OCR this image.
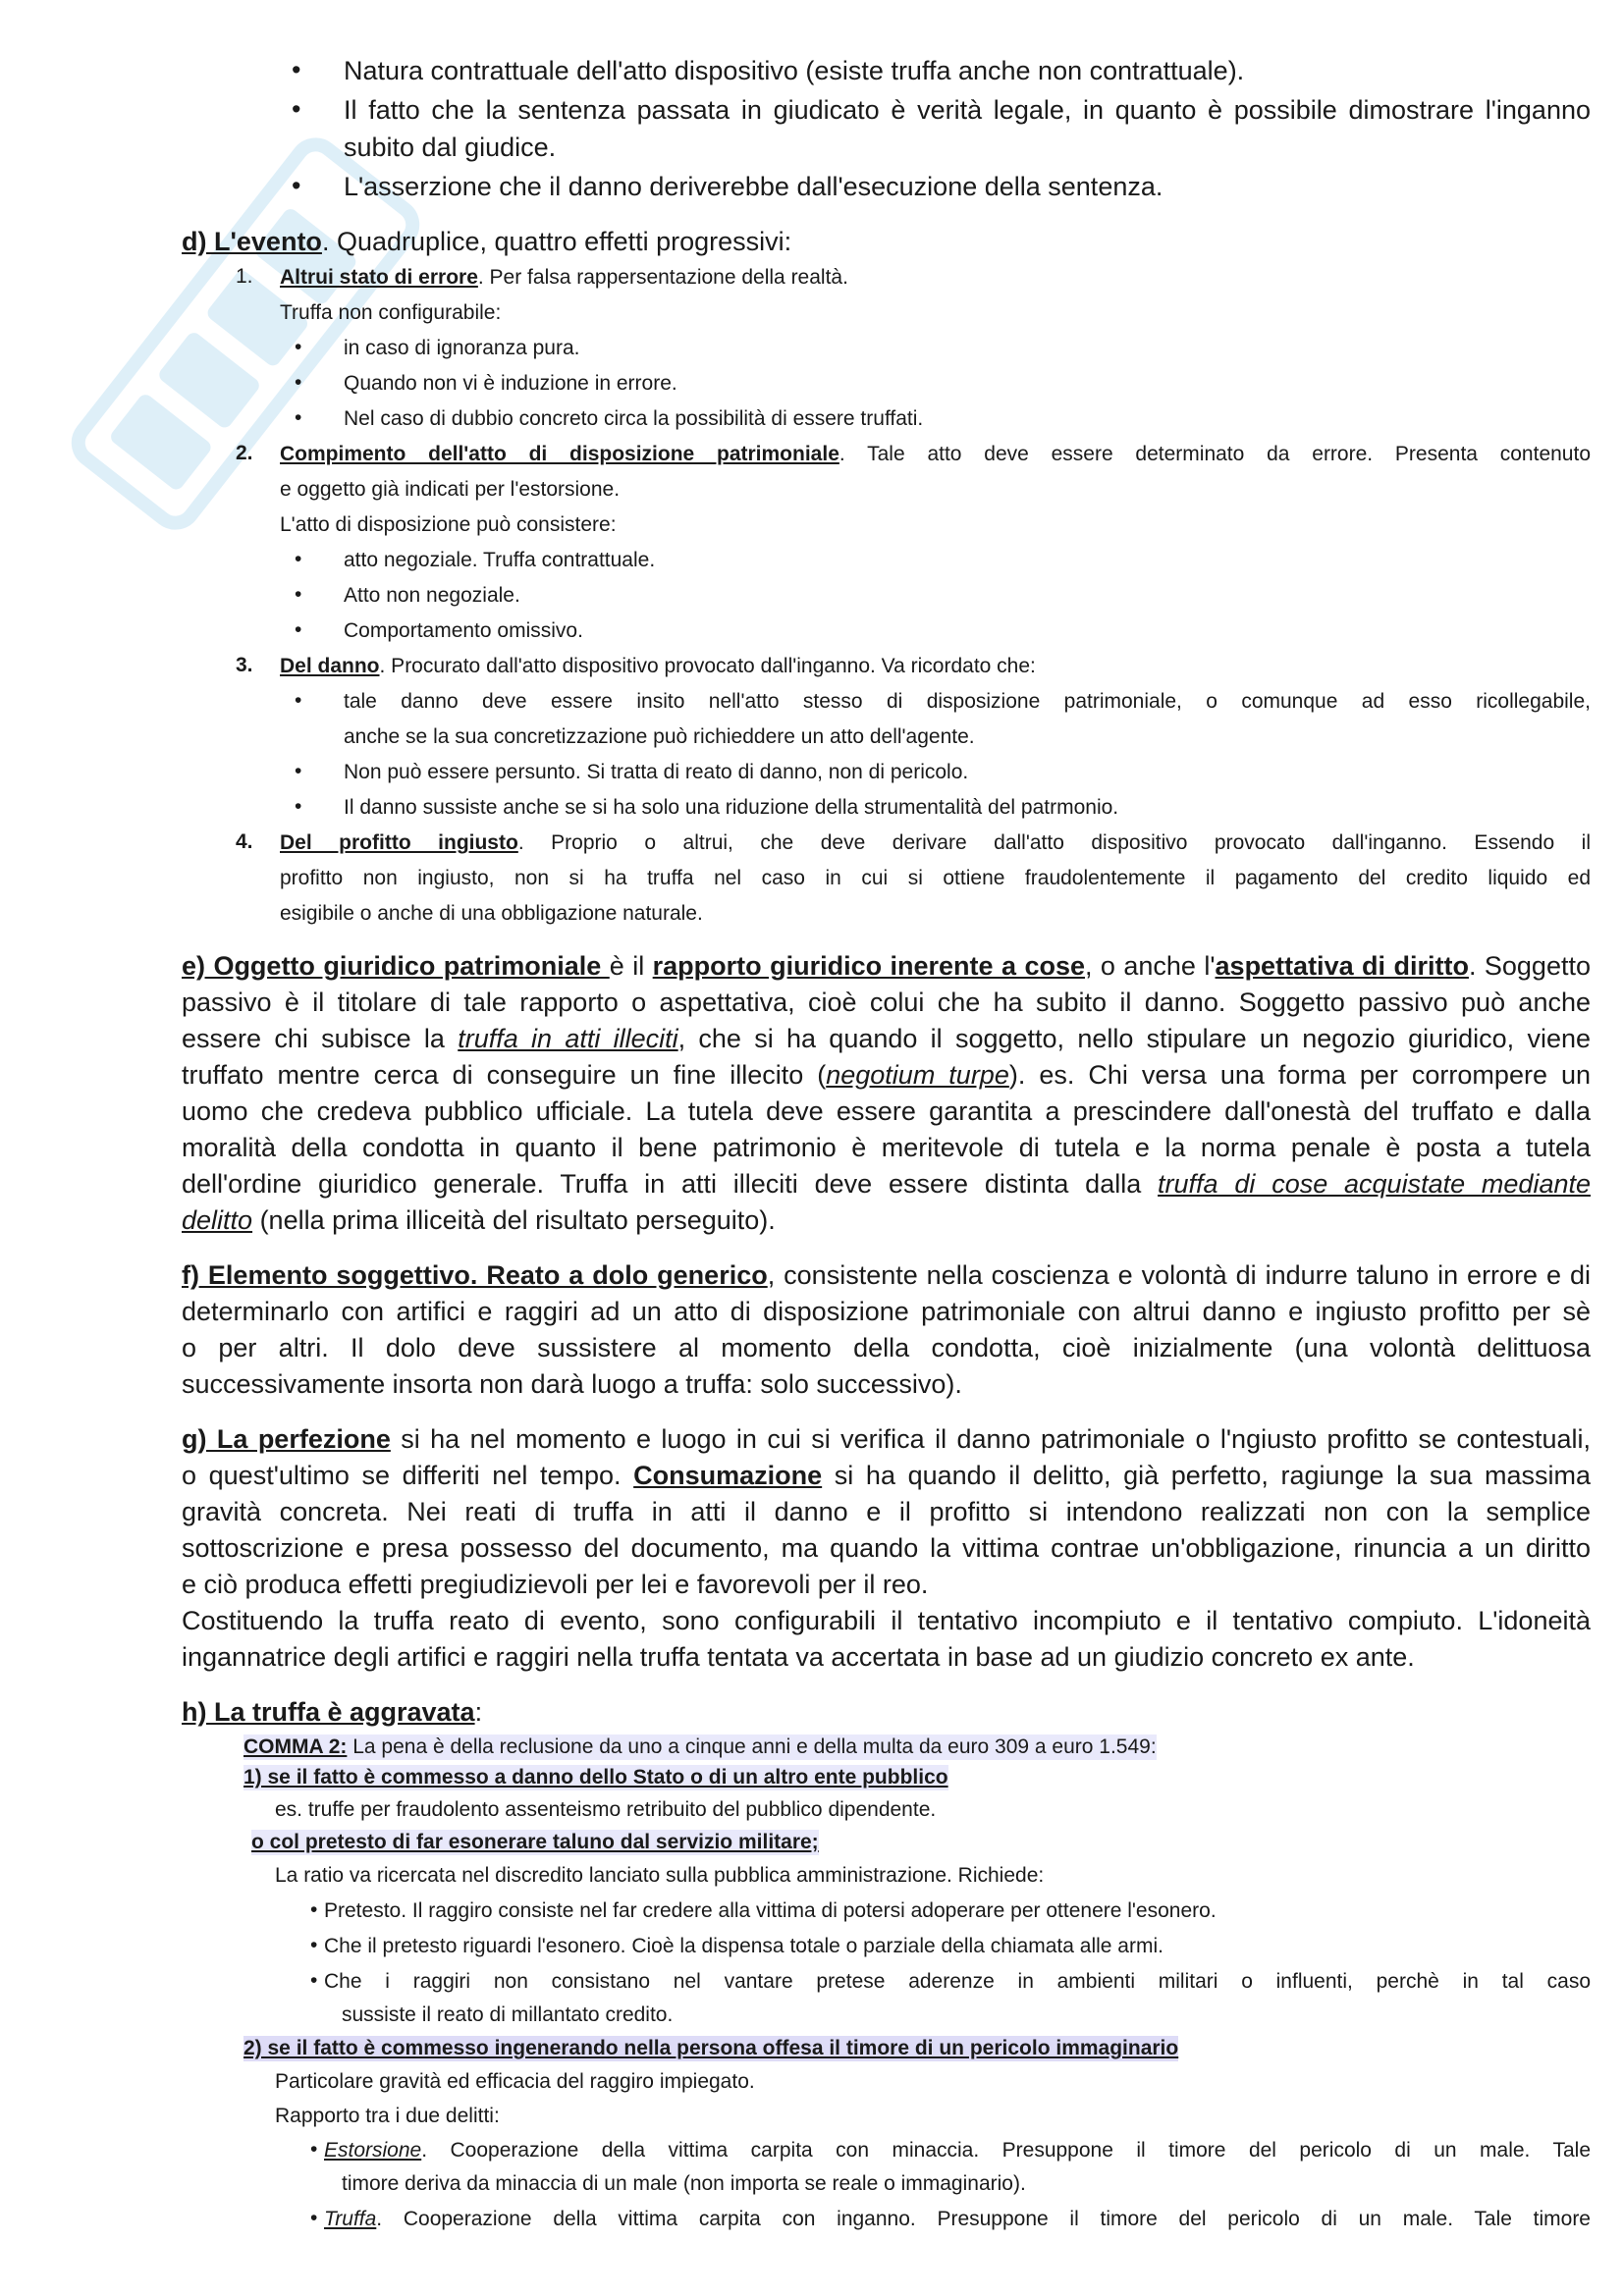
• Natura contrattuale dell'atto dispositivo (esiste truffa anche non contrattuale).
• Il fatto che la sentenza passata in giudicato è verità legale, in quanto è possibile dimostrare l'inganno
subito dal giudice.
• L'asserzione che il danno deriverebbe dall'esecuzione della sentenza.
d) L'evento. Quadruplice, quattro effetti progressivi:
1. Altrui stato di errore. Per falsa rappersentazione della realtà.
Truffa non configurabile:
• in caso di ignoranza pura.
• Quando non vi è induzione in errore.
• Nel caso di dubbio concreto circa la possibilità di essere truffati.
2. Compimento dell'atto di disposizione patrimoniale. Tale atto deve essere determinato da errore. Presenta contenuto
e oggetto già indicati per l'estorsione.
L'atto di disposizione può consistere:
• atto negoziale. Truffa contrattuale.
• Atto non negoziale.
• Comportamento omissivo.
3. Del danno. Procurato dall'atto dispositivo provocato dall'inganno. Va ricordato che:
• tale danno deve essere insito nell'atto stesso di disposizione patrimoniale, o comunque ad esso ricollegabile,
anche se la sua concretizzazione può richieddere un atto dell'agente.
• Non può essere persunto. Si tratta di reato di danno, non di pericolo.
• Il danno sussiste anche se si ha solo una riduzione della strumentalità del patrmonio.
4. Del profitto ingiusto. Proprio o altrui, che deve derivare dall'atto dispositivo provocato dall'inganno. Essendo il
profitto non ingiusto, non si ha truffa nel caso in cui si ottiene fraudolentemente il pagamento del credito liquido ed
esigibile o anche di una obbligazione naturale.
e) Oggetto giuridico patrimoniale è il rapporto giuridico inerente a cose, o anche l'aspettativa di diritto. Soggetto
passivo è il titolare di tale rapporto o aspettativa, cioè colui che ha subito il danno. Soggetto passivo può anche
essere chi subisce la truffa in atti illeciti, che si ha quando il soggetto, nello stipulare un negozio giuridico, viene
truffato mentre cerca di conseguire un fine illecito (negotium turpe). es. Chi versa una forma per corrompere un
uomo che credeva pubblico ufficiale. La tutela deve essere garantita a prescindere dall'onestà del truffato e dalla
moralità della condotta in quanto il bene patrimonio è meritevole di tutela e la norma penale è posta a tutela
dell'ordine giuridico generale. Truffa in atti illeciti deve essere distinta dalla truffa di cose acquistate mediante
delitto (nella prima illiceità del risultato perseguito).
f) Elemento soggettivo. Reato a dolo generico, consistente nella coscienza e volontà di indurre taluno in errore e di
determinarlo con artifici e raggiri ad un atto di disposizione patrimoniale con altrui danno e ingiusto profitto per sè
o per altri. Il dolo deve sussistere al momento della condotta, cioè inizialmente (una volontà delittuosa
successivamente insorta non darà luogo a truffa: solo successivo).
g) La perfezione si ha nel momento e luogo in cui si verifica il danno patrimoniale o l'ngiusto profitto se contestuali,
o quest'ultimo se differiti nel tempo. Consumazione si ha quando il delitto, già perfetto, ragiunge la sua massima
gravità concreta. Nei reati di truffa in atti il danno e il profitto si intendono realizzati non con la semplice
sottoscrizione e presa possesso del documento, ma quando la vittima contrae un'obbligazione, rinuncia a un diritto
e ciò produca effetti pregiudizievoli per lei e favorevoli per il reo.
Costituendo la truffa reato di evento, sono configurabili il tentativo incompiuto e il tentativo compiuto. L'idoneità
ingannatrice degli artifici e raggiri nella truffa tentata va accertata in base ad un giudizio concreto ex ante.
h) La truffa è aggravata:
COMMA 2: La pena è della reclusione da uno a cinque anni e della multa da euro 309 a euro 1.549:
1) se il fatto è commesso a danno dello Stato o di un altro ente pubblico
es. truffe per fraudolento assenteismo retribuito del pubblico dipendente.
o col pretesto di far esonerare taluno dal servizio militare;
La ratio va ricercata nel discredito lanciato sulla pubblica amministrazione. Richiede:
• Pretesto. Il raggiro consiste nel far credere alla vittima di potersi adoperare per ottenere l'esonero.
• Che il pretesto riguardi l'esonero. Cioè la dispensa totale o parziale della chiamata alle armi.
• Che i raggiri non consistano nel vantare pretese aderenze in ambienti militari o influenti, perchè in tal caso
sussiste il reato di millantato credito.
2) se il fatto è commesso ingenerando nella persona offesa il timore di un pericolo immaginario
Particolare gravità ed efficacia del raggiro impiegato.
Rapporto tra i due delitti:
• Estorsione. Cooperazione della vittima carpita con minaccia. Presuppone il timore del pericolo di un male. Tale
timore deriva da minaccia di un male (non importa se reale o immaginario).
• Truffa. Cooperazione della vittima carpita con inganno. Presuppone il timore del pericolo di un male. Tale timore
